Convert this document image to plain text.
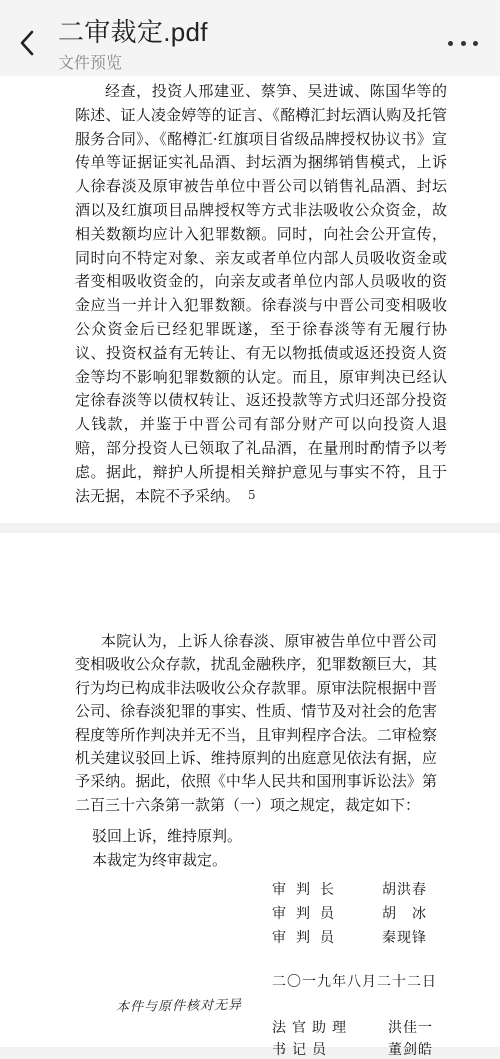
二审裁定.pdf
文件预览
经查，投资人邢建亚、蔡笋、吴进诚、陈国华等的陈述、证人凌金婷等的证言、《酩樽汇封坛酒认购及托管服务合同》、《酩樽汇·红旗项目省级品牌授权协议书》宣传单等证据证实礼品酒、封坛酒为捆绑销售模式，上诉人徐春淡及原审被告单位中晋公司以销售礼品酒、封坛酒以及红旗项目品牌授权等方式非法吸收公众资金，故相关数额均应计入犯罪数额。同时，向社会公开宣传，同时向不特定对象、亲友或者单位内部人员吸收资金或者变相吸收资金的，向亲友或者单位内部人员吸收的资金应当一并计入犯罪数额。徐春淡与中晋公司变相吸收公众资金后已经犯罪既遂，至于徐春淡等有无履行协议、投资权益有无转让、有无以物抵债或返还投资人资金等均不影响犯罪数额的认定。而且，原审判决已经认定徐春淡等以债权转让、返还投款等方式归还部分投资人钱款，并鉴于中晋公司有部分财产可以向投资人退赔，部分投资人已领取了礼品酒，在量刑时酌情予以考虑。据此，辩护人所提相关辩护意见与事实不符，且于法无据，本院不予采纳。 5
本院认为，上诉人徐春淡、原审被告单位中晋公司变相吸收公众存款，扰乱金融秩序，犯罪数额巨大，其行为均已构成非法吸收公众存款罪。原审法院根据中晋公司、徐春淡犯罪的事实、性质、情节及对社会的危害程度等所作判决并无不当，且审判程序合法。二审检察机关建议驳回上诉、维持原判的出庭意见依法有据，应予采纳。据此，依照《中华人民共和国刑事诉讼法》第二百三十六条第一款第（一）项之规定，裁定如下：
驳回上诉，维持原判。
本裁定为终审裁定。
审判长	胡洪春
审判员	胡　冰
审判员	秦现锋
二〇一九年八月二十二日
本件与原件核对无异
法官助理	洪佳一
书记员	董剑皓
